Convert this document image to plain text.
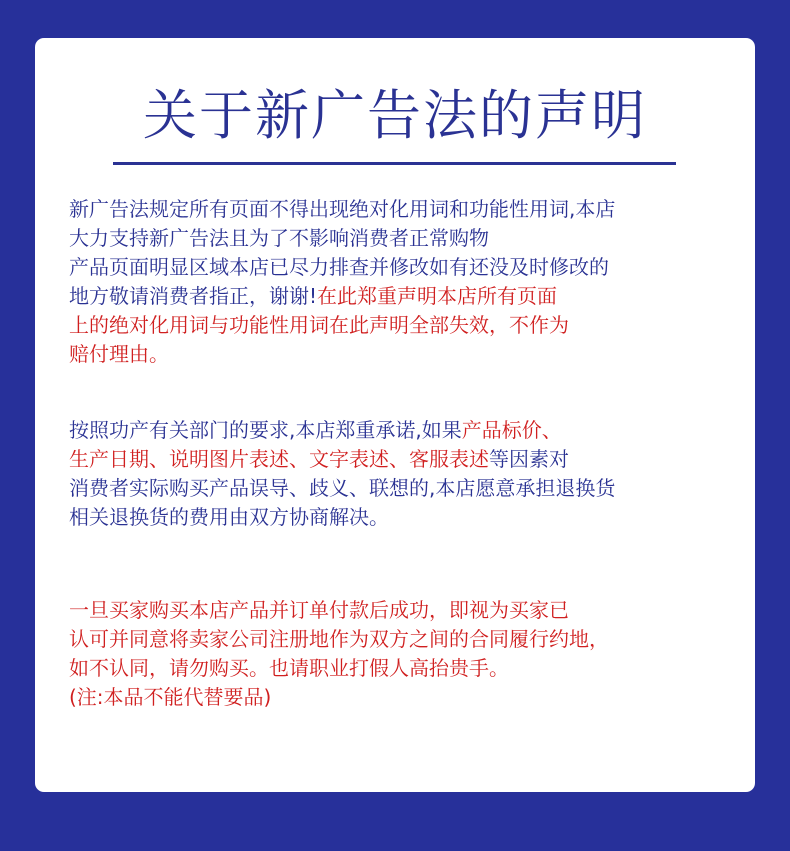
关于新广告法的声明
新广告法规定所有页面不得出现绝对化用词和功能性用词,本店
大力支持新广告法且为了不影响消费者正常购物
产品页面明显区域本店已尽力排查并修改如有还没及时修改的
地方敬请消费者指正，谢谢!在此郑重声明本店所有页面
上的绝对化用词与功能性用词在此声明全部失效，不作为
赔付理由。
按照功产有关部门的要求,本店郑重承诺,如果产品标价、
生产日期、说明图片表述、文字表述、客服表述等因素对
消费者实际购买产品误导、歧义、联想的,本店愿意承担退换货
相关退换货的费用由双方协商解决。
一旦买家购买本店产品并订单付款后成功，即视为买家已
认可并同意将卖家公司注册地作为双方之间的合同履行约地，
如不认同，请勿购买。也请职业打假人高抬贵手。
(注:本品不能代替要品)
